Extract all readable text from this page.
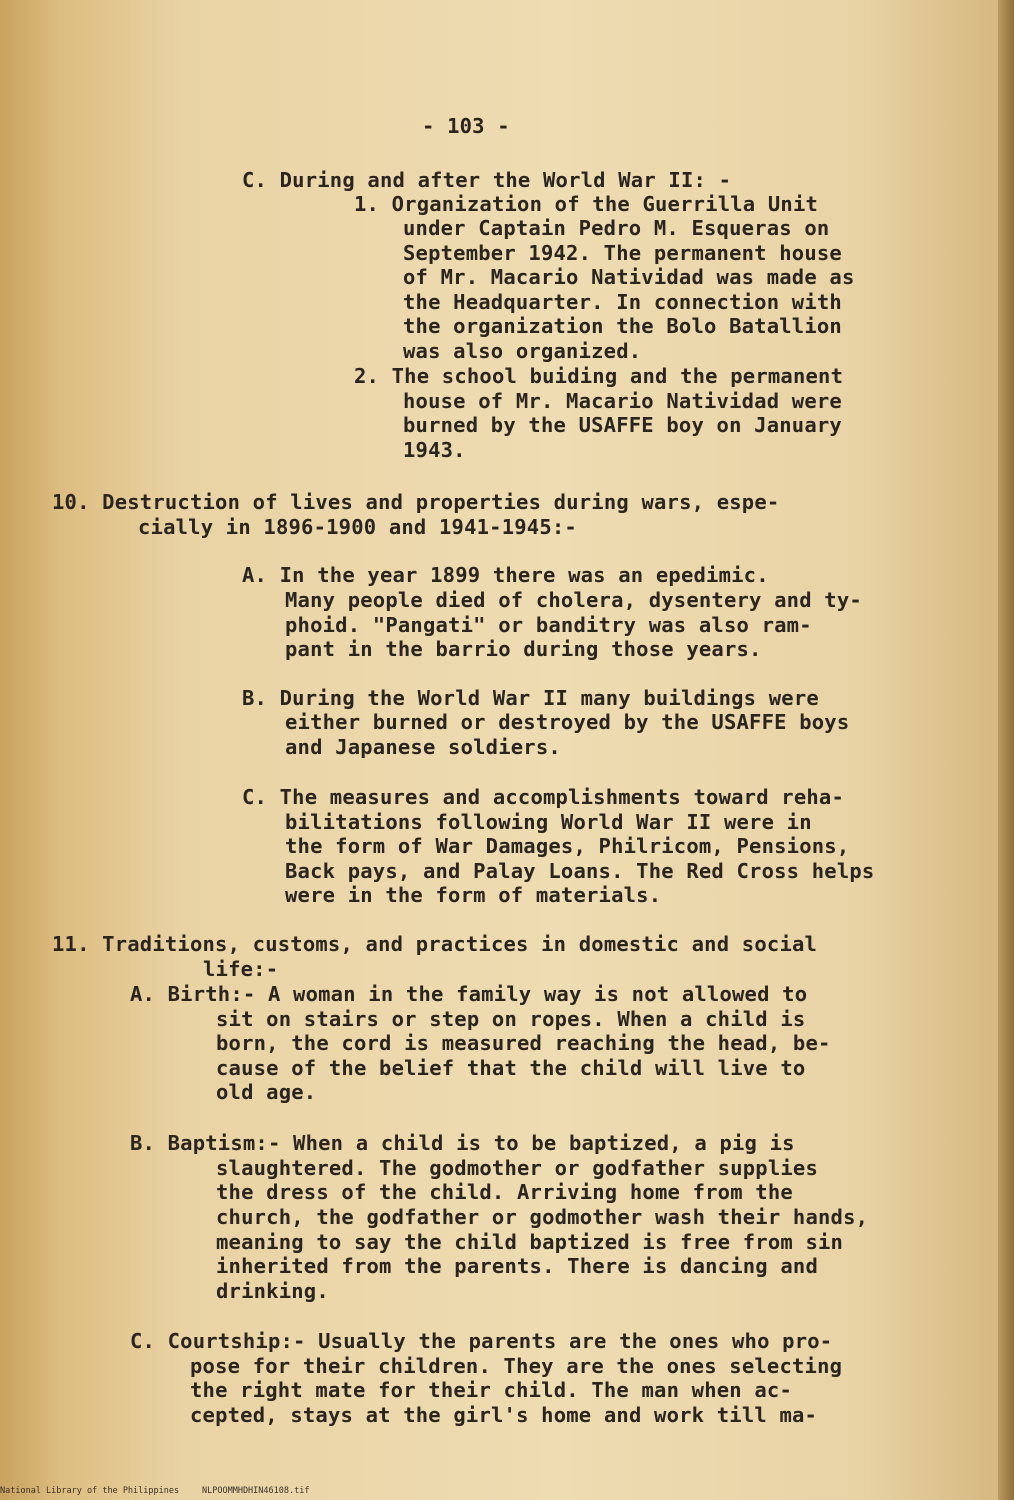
- 103 -

C. During and after the World War II: -

1. Organization of the Guerrilla Unit

under Captain Pedro M. Esqueras on

September 1942. The permanent house

of Mr. Macario Natividad was made as

the Headquarter. In connection with

the organization the Bolo Batallion

was also organized.

2. The school buiding and the permanent

house of Mr. Macario Natividad were

burned by the USAFFE boy on January

1943.

10. Destruction of lives and properties during wars, espe-

cially in 1896-1900 and 1941-1945:-

A. In the year 1899 there was an epedimic.

Many people died of cholera, dysentery and ty-

phoid. "Pangati" or banditry was also ram-

pant in the barrio during those years.

B. During the World War II many buildings were

either burned or destroyed by the USAFFE boys

and Japanese soldiers.

C. The measures and accomplishments toward reha-

bilitations following World War II were in

the form of War Damages, Philricom, Pensions,

Back pays, and Palay Loans. The Red Cross helps

were in the form of materials.

11. Traditions, customs, and practices in domestic and social

life:-

A. Birth:- A woman in the family way is not allowed to

sit on stairs or step on ropes. When a child is

born, the cord is measured reaching the head, be-

cause of the belief that the child will live to

old age.

B. Baptism:- When a child is to be baptized, a pig is

slaughtered. The godmother or godfather supplies

the dress of the child. Arriving home from the

church, the godfather or godmother wash their hands,

meaning to say the child baptized is free from sin

inherited from the parents. There is dancing and

drinking.

C. Courtship:- Usually the parents are the ones who pro-

pose for their children. They are the ones selecting

the right mate for their child. The man when ac-

cepted, stays at the girl's home and work till ma-

National Library of the Philippines	NLPOOMMHDHIN46108.tif
